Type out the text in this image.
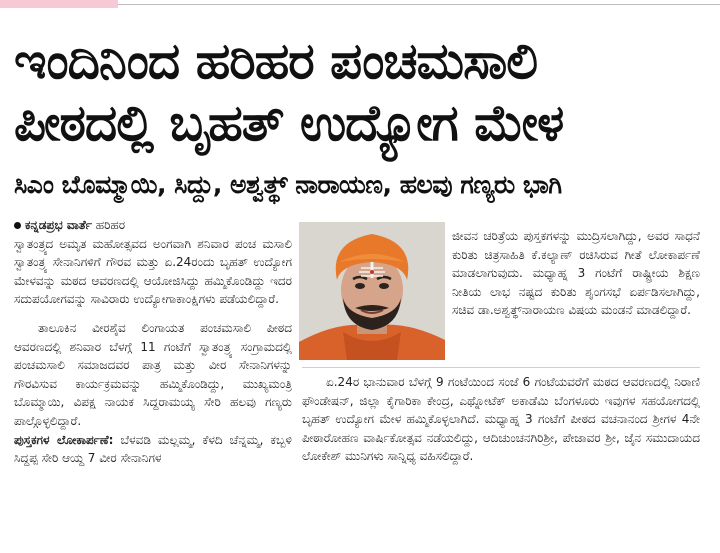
ಇಂದಿನಿಂದ ಹರಿಹರ ಪಂಚಮಸಾಲಿ
ಪೀಠದಲ್ಲಿ ಬೃಹತ್ ಉದ್ಯೋಗ ಮೇಳ
ಸಿಎಂ ಬೊಮ್ಮಾಯಿ, ಸಿದ್ದು, ಅಶ್ವತ್ಥ್ ನಾರಾಯಣ, ಹಲವು ಗಣ್ಯರು ಭಾಗಿ

ಕನ್ನಡಪ್ರಭ ವಾರ್ತೆ ಹರಿಹರ

ಸ್ವಾತಂತ್ರ್ಯದ ಅಮೃತ ಮಹೋತ್ಸವದ ಅಂಗವಾಗಿ ಶನಿವಾರ ಪಂಚ ಮಸಾಲಿ ಸ್ವಾತಂತ್ರ್ಯ ಸೇನಾನಿಗಳಿಗೆ ಗೌರವ ಮತ್ತು ಏ.24ರಂದು ಬೃಹತ್ ಉದ್ಯೋಗ ಮೇಳವನ್ನು ಮಠದ ಆವರಣದಲ್ಲಿ ಆಯೋಜಿಸಿದ್ದು ಹಮ್ಮಿಕೊಂಡಿದ್ದು ಇದರ ಸದುಪಯೋಗವನ್ನು ಸಾವಿರಾರು ಉದ್ಯೋಗಾಕಾಂಕ್ಷಿಗಳು ಪಡೆಯಲಿದ್ದಾರೆ.

ತಾಲೂಕಿನ ವೀರಶೈವ ಲಿಂಗಾಯತ ಪಂಚಮಸಾಲಿ ಪೀಠದ ಆವರಣದಲ್ಲಿ ಶನಿವಾರ ಬೆಳಗ್ಗೆ 11 ಗಂಟೆಗೆ ಸ್ವಾತಂತ್ರ್ಯ ಸಂಗ್ರಾಮದಲ್ಲಿ ಪಂಚಮಸಾಲಿ ಸಮಾಜದವರ ಪಾತ್ರ ಮತ್ತು ವೀರ ಸೇನಾನಿಗಳನ್ನು ಗೌರವಿಸುವ ಕಾರ್ಯಕ್ರಮವನ್ನು ಹಮ್ಮಿಕೊಂಡಿದ್ದು, ಮುಖ್ಯಮಂತ್ರಿ ಬೊಮ್ಮಾಯಿ, ವಿಪಕ್ಷ ನಾಯಕ ಸಿದ್ದರಾಮಯ್ಯ ಸೇರಿ ಹಲವು ಗಣ್ಯರು ಪಾಲ್ಗೊಳ್ಳಲಿದ್ದಾರೆ.

ಪುಸ್ತಕಗಳ ಲೋಕಾರ್ಪಣೆ: ಬೆಳವಡಿ ಮಲ್ಲಮ್ಮ, ಕೆಳದಿ ಚೆನ್ನಮ್ಮ, ಕಬ್ಬಳಿ ಸಿದ್ದಪ್ಪ ಸೇರಿ ಆಯ್ದ 7 ವೀರ ಸೇನಾನಿಗಳ

ಜೀವನ ಚರಿತ್ರೆಯ ಪುಸ್ತಕಗಳನ್ನು ಮುದ್ರಿಸಲಾಗಿದ್ದು, ಅವರ ಸಾಧನೆ ಕುರಿತು ಚಿತ್ರಸಾಹಿತಿ ಕೆ.ಕಲ್ಯಾಣ್ ರಚಿಸಿರುವ ಗೀತೆ ಲೋಕಾರ್ಪಣೆ ಮಾಡಲಾಗುವುದು. ಮಧ್ಯಾಹ್ನ 3 ಗಂಟೆಗೆ ರಾಷ್ಟ್ರೀಯ ಶಿಕ್ಷಣ ನೀತಿಯ ಲಾಭ ನಷ್ಟದ ಕುರಿತು ಶೃಂಗಸಭೆ ಏರ್ಪಡಿಸಲಾಗಿದ್ದು, ಸಚಿವ ಡಾ.ಅಶ್ವತ್ಥ್‌ನಾರಾಯಣ ವಿಷಯ ಮಂಡನೆ ಮಾಡಲಿದ್ದಾರೆ.

ಏ.24ರ ಭಾನುವಾರ ಬೆಳಗ್ಗೆ 9 ಗಂಟೆಯಿಂದ ಸಂಜೆ 6 ಗಂಟೆಯವರೆಗೆ ಮಠದ ಆವರಣದಲ್ಲಿ ನಿರಾಣಿ ಫೌಂಡೇಷನ್, ಜಿಲ್ಲಾ ಕೈಗಾರಿಕಾ ಕೇಂದ್ರ, ಎಥ್ನೋಟೆಕ್ ಅಕಾಡೆಮಿ ಬೆಂಗಳೂರು ಇವುಗಳ ಸಹಯೋಗದಲ್ಲಿ ಬೃಹತ್ ಉದ್ಯೋಗ ಮೇಳ ಹಮ್ಮಿಕೊಳ್ಳಲಾಗಿದೆ. ಮಧ್ಯಾಹ್ನ 3 ಗಂಟೆಗೆ ಪೀಠದ ವಚನಾನಂದ ಶ್ರೀಗಳ 4ನೇ ಪೀಠಾರೋಹಣ ವಾರ್ಷಿಕೋತ್ಸವ ನಡೆಯಲಿದ್ದು, ಆದಿಚುಂಚನಗಿರಿಶ್ರೀ, ಪೇಜಾವರ ಶ್ರೀ, ಜೈನ ಸಮುದಾಯದ ಲೋಕೇಶ್ ಮುನಿಗಳು ಸಾನ್ನಿಧ್ಯ ವಹಿಸಲಿದ್ದಾರೆ.
